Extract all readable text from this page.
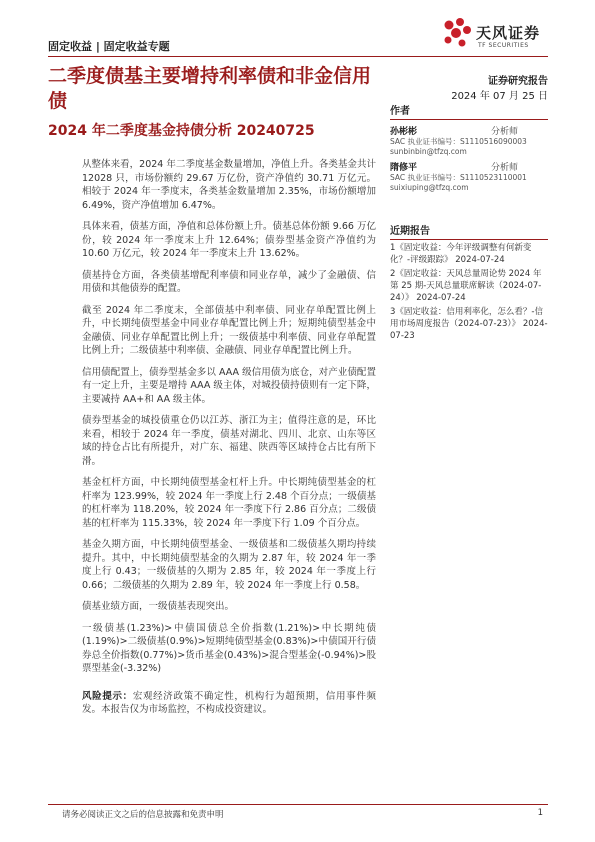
固定收益 | 固定收益专题
天风证券
TF SECURITIES
二季度债基主要增持利率债和非金信用债
2024 年二季度基金持债分析 20240725
证券研究报告
2024 年 07 月 25 日
作者
孙彬彬	分析师
SAC 执业证书编号：S1110516090003
sunbinbin@tfzq.com
隋修平	分析师
SAC 执业证书编号：S1110523110001
suixiuping@tfzq.com
近期报告
1《固定收益：今年评级调整有何新变化？-评级跟踪》 2024-07-24
2《固定收益：天风总量周论势 2024 年第 25 期-天风总量联席解读（2024-07-24）》 2024-07-24
3《固定收益：信用利率化，怎么看？-信用市场周度报告（2024-07-23）》 2024-07-23

从整体来看，2024 年二季度基金数量增加，净值上升。各类基金共计 12028 只，市场份额约 29.67 万亿份，资产净值约 30.71 万亿元。相较于 2024 年一季度末，各类基金数量增加 2.35%，市场份额增加 6.49%，资产净值增加 6.47%。

具体来看，债基方面，净值和总体份额上升。债基总体份额 9.66 万亿份，较 2024 年一季度末上升 12.64%；债券型基金资产净值约为 10.60 万亿元，较 2024 年一季度末上升 13.62%。

债基持仓方面，各类债基增配利率债和同业存单，减少了金融债、信用债和其他债券的配置。

截至 2024 年二季度末，全部债基中利率债、同业存单配置比例上升，中长期纯债型基金中同业存单配置比例上升；短期纯债型基金中金融债、同业存单配置比例上升；一级债基中利率债、同业存单配置比例上升；二级债基中利率债、金融债、同业存单配置比例上升。

信用债配置上，债券型基金多以 AAA 级信用债为底仓，对产业债配置有一定上升，主要是增持 AAA 级主体，对城投债持债则有一定下降，主要减持 AA+和 AA 级主体。

债券型基金的城投债重仓仍以江苏、浙江为主；值得注意的是，环比来看，相较于 2024 年一季度，债基对湖北、四川、北京、山东等区域的持仓占比有所提升，对广东、福建、陕西等区域持仓占比有所下滑。

基金杠杆方面，中长期纯债型基金杠杆上升。中长期纯债型基金的杠杆率为 123.99%，较 2024 年一季度上行 2.48 个百分点；一级债基的杠杆率为 118.20%，较 2024 年一季度下行 2.86 百分点；二级债基的杠杆率为 115.33%，较 2024 年一季度下行 1.09 个百分点。

基金久期方面，中长期纯债型基金、一级债基和二级债基久期均持续提升。其中，中长期纯债型基金的久期为 2.87 年，较 2024 年一季度上行 0.43；一级债基的久期为 2.85 年，较 2024 年一季度上行 0.66；二级债基的久期为 2.89 年，较 2024 年一季度上行 0.58。

债基业绩方面，一级债基表现突出。

一级债基(1.23%)>中债国债总全价指数(1.21%)>中长期纯债(1.19%)>二级债基(0.9%)>短期纯债型基金(0.83%)>中债国开行债券总全价指数(0.77%)>货币基金(0.43%)>混合型基金(-0.94%)>股票型基金(-3.32%)

风险提示：宏观经济政策不确定性，机构行为超预期，信用事件频发。本报告仅为市场监控，不构成投资建议。

请务必阅读正文之后的信息披露和免责申明	1
